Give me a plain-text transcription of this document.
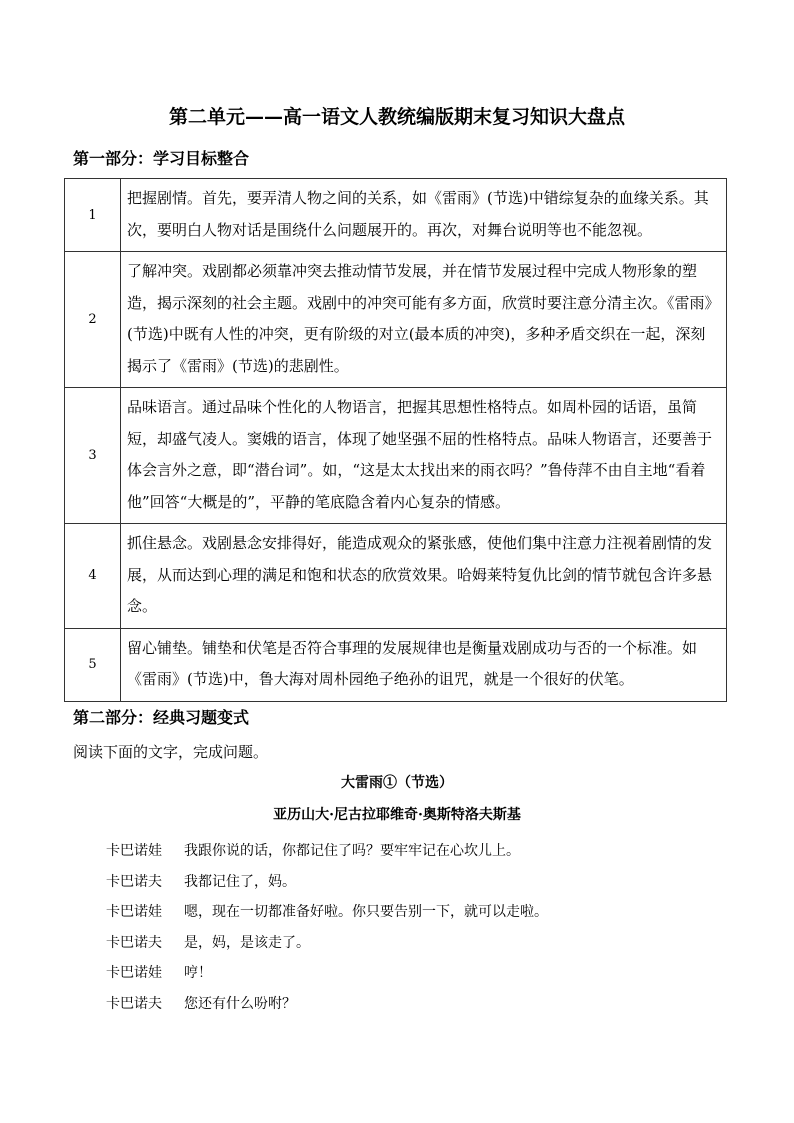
第二单元——高一语文人教统编版期末复习知识大盘点
第一部分：学习目标整合
1	把握剧情。首先，要弄清人物之间的关系，如《雷雨》(节选)中错综复杂的血缘关系。其次，要明白人物对话是围绕什么问题展开的。再次，对舞台说明等也不能忽视。
2	了解冲突。戏剧都必须靠冲突去推动情节发展，并在情节发展过程中完成人物形象的塑造，揭示深刻的社会主题。戏剧中的冲突可能有多方面，欣赏时要注意分清主次。《雷雨》(节选)中既有人性的冲突，更有阶级的对立(最本质的冲突)，多种矛盾交织在一起，深刻揭示了《雷雨》(节选)的悲剧性。
3	品味语言。通过品味个性化的人物语言，把握其思想性格特点。如周朴园的话语，虽简短，却盛气凌人。窦娥的语言，体现了她坚强不屈的性格特点。品味人物语言，还要善于体会言外之意，即“潜台词”。如，“这是太太找出来的雨衣吗？”鲁侍萍不由自主地“看着他”回答“大概是的”，平静的笔底隐含着内心复杂的情感。
4	抓住悬念。戏剧悬念安排得好，能造成观众的紧张感，使他们集中注意力注视着剧情的发展，从而达到心理的满足和饱和状态的欣赏效果。哈姆莱特复仇比剑的情节就包含许多悬念。
5	留心铺垫。铺垫和伏笔是否符合事理的发展规律也是衡量戏剧成功与否的一个标准。如《雷雨》(节选)中，鲁大海对周朴园绝子绝孙的诅咒，就是一个很好的伏笔。
第二部分：经典习题变式
阅读下面的文字，完成问题。
大雷雨①（节选）
亚历山大·尼古拉耶维奇·奥斯特洛夫斯基
卡巴诺娃	我跟你说的话，你都记住了吗？要牢牢记在心坎儿上。
卡巴诺夫	我都记住了，妈。
卡巴诺娃	嗯，现在一切都准备好啦。你只要告别一下，就可以走啦。
卡巴诺夫	是，妈，是该走了。
卡巴诺娃	哼！
卡巴诺夫	您还有什么吩咐？
